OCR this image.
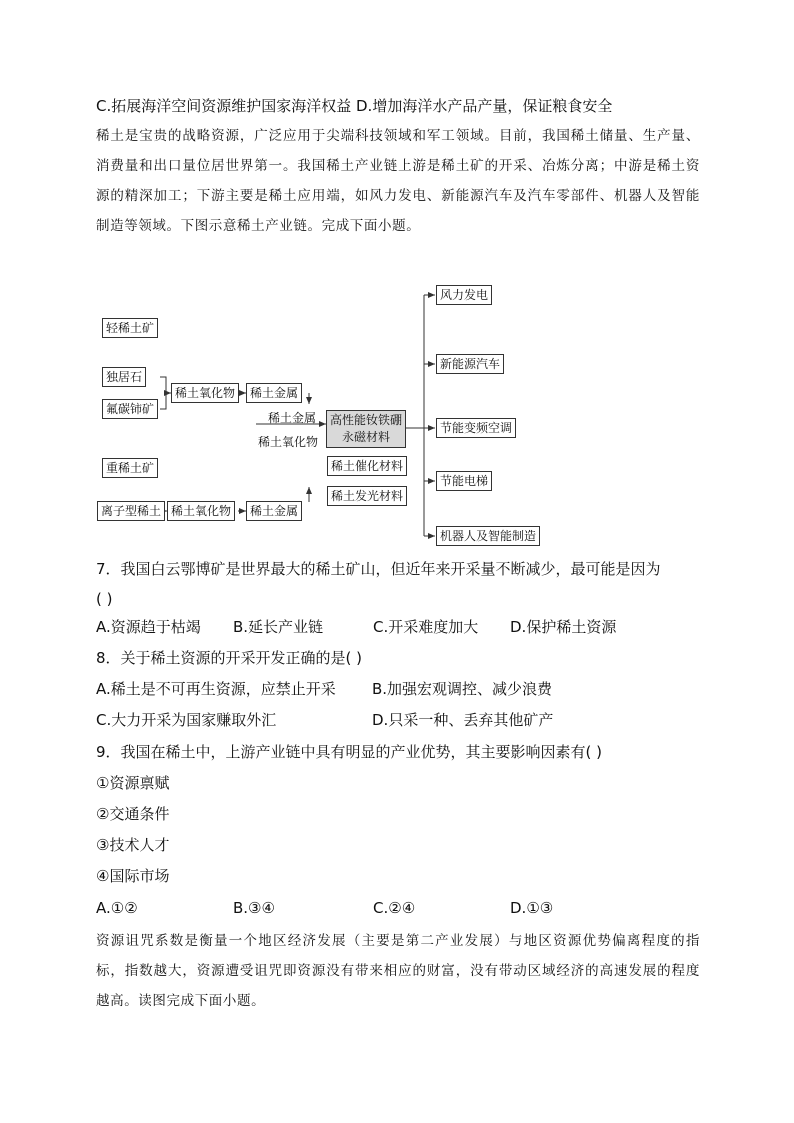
C.拓展海洋空间资源维护国家海洋权益 D.增加海洋水产品产量，保证粮食安全
稀土是宝贵的战略资源，广泛应用于尖端科技领域和军工领域。目前，我国稀土储量、生产量、消费量和出口量位居世界第一。我国稀土产业链上游是稀土矿的开采、冶炼分离；中游是稀土资源的精深加工；下游主要是稀土应用端，如风力发电、新能源汽车及汽车零部件、机器人及智能制造等领域。下图示意稀土产业链。完成下面小题。
轻稀土矿
独居石
氟碳铈矿
稀土氧化物	稀土金属
稀土金属
稀土氧化物
高性能钕铁硼
永磁材料
稀土催化材料
稀土发光材料
重稀土矿
离子型稀土 稀土氧化物	稀土金属
风力发电
新能源汽车
节能变频空调
节能电梯
机器人及智能制造
7．我国白云鄂博矿是世界最大的稀土矿山，但近年来开采量不断减少，最可能是因为
( )
A.资源趋于枯竭 B.延长产业链	C.开采难度加大 D.保护稀土资源
8．关于稀土资源的开采开发正确的是( )
A.稀土是不可再生资源，应禁止开采 B.加强宏观调控、减少浪费
C.大力开采为国家赚取外汇	D.只采一种、丢弃其他矿产
9．我国在稀土中，上游产业链中具有明显的产业优势，其主要影响因素有( )
①资源禀赋
②交通条件
③技术人才
④国际市场
A.①②	B.③④	C.②④	D.①③
资源诅咒系数是衡量一个地区经济发展（主要是第二产业发展）与地区资源优势偏离程度的指标，指数越大，资源遭受诅咒即资源没有带来相应的财富，没有带动区域经济的高速发展的程度越高。读图完成下面小题。
